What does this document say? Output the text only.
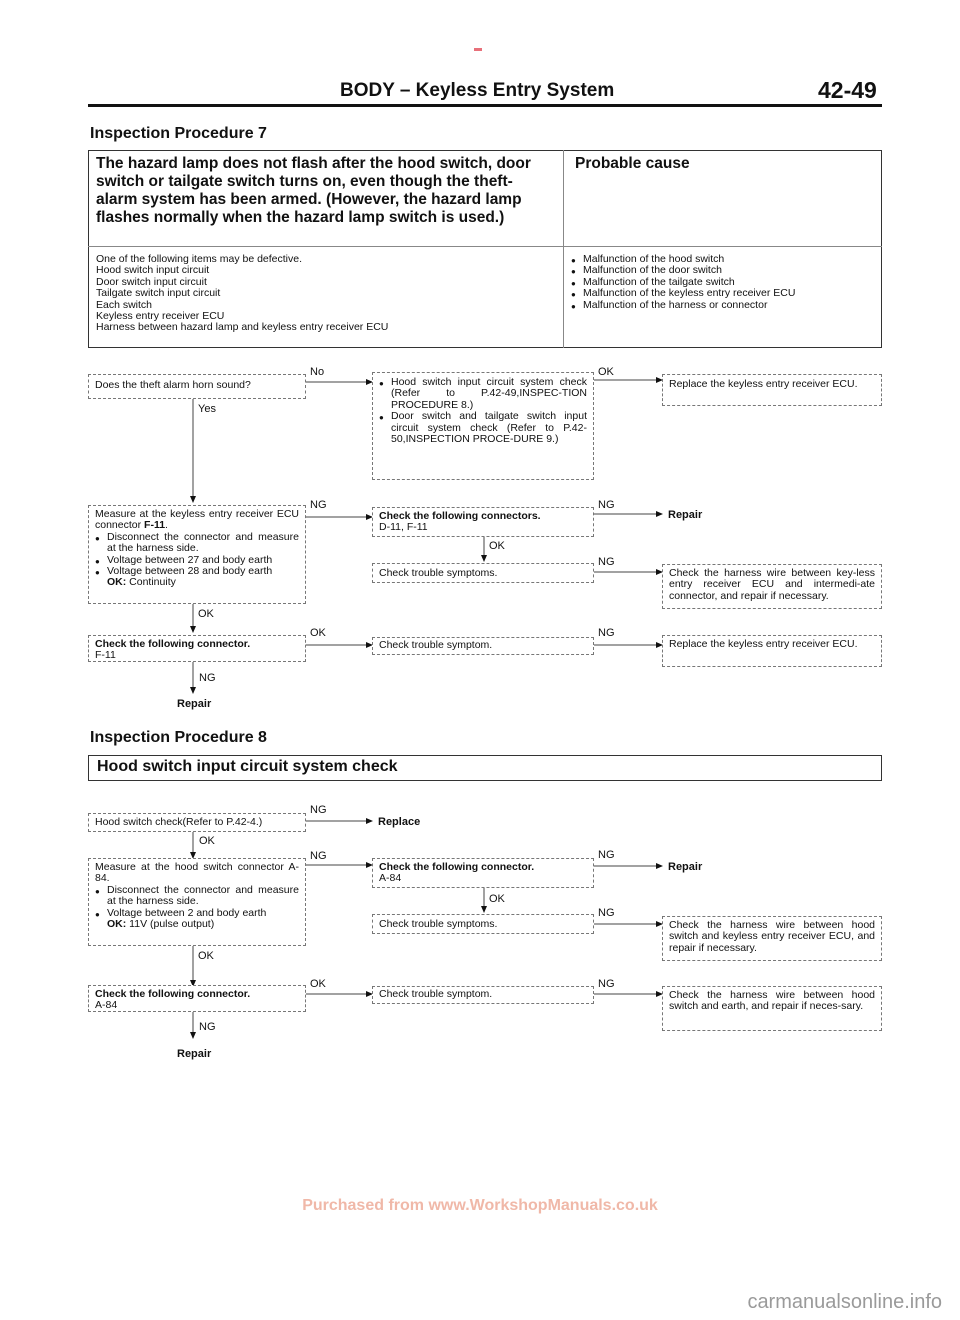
BODY – Keyless Entry System	42-49
Inspection Procedure 7
The hazard lamp does not flash after the hood switch, door switch or tailgate switch turns on, even though the theft-alarm system has been armed. (However, the hazard lamp flashes normally when the hazard lamp switch is used.)
Probable cause
One of the following items may be defective.
Hood switch input circuit
Door switch input circuit
Tailgate switch input circuit
Each switch
Keyless entry receiver ECU
Harness between hazard lamp and keyless entry receiver ECU
● Malfunction of the hood switch
● Malfunction of the door switch
● Malfunction of the tailgate switch
● Malfunction of the keyless entry receiver ECU
● Malfunction of the harness or connector
Does the theft alarm horn sound?
No
Yes
● Hood switch input circuit system check (Refer to P.42-49,INSPEC-TION PROCEDURE 8.)
● Door switch and tailgate switch input circuit system check (Refer to P.42-50,INSPECTION PROCE-DURE 9.)
OK
Replace the keyless entry receiver ECU.
Measure at the keyless entry receiver ECU connector F-11.
● Disconnect the connector and measure at the harness side.
● Voltage between 27 and body earth
● Voltage between 28 and body earth
OK: Continuity
NG
Check the following connectors.
D-11, F-11
NG
Repair
OK
Check trouble symptoms.
NG
Check the harness wire between key-less entry receiver ECU and intermedi-ate connector, and repair if necessary.
OK
Check the following connector.
F-11
OK
Check trouble symptom.
NG
Replace the keyless entry receiver ECU.
NG
Repair
Inspection Procedure 8
Hood switch input circuit system check
Hood switch check(Refer to P.42-4.)
NG
Replace
OK
Measure at the hood switch connector A-84.
● Disconnect the connector and measure at the harness side.
● Voltage between 2 and body earth
OK: 11V (pulse output)
NG
Check the following connector.
A-84
NG
Repair
OK
Check trouble symptoms.
NG
Check the harness wire between hood switch and keyless entry receiver ECU, and repair if necessary.
OK
Check the following connector.
A-84
OK
Check trouble symptom.
NG
Check the harness wire between hood switch and earth, and repair if neces-sary.
NG
Repair
Purchased from www.WorkshopManuals.co.uk
carmanualsonline.info
